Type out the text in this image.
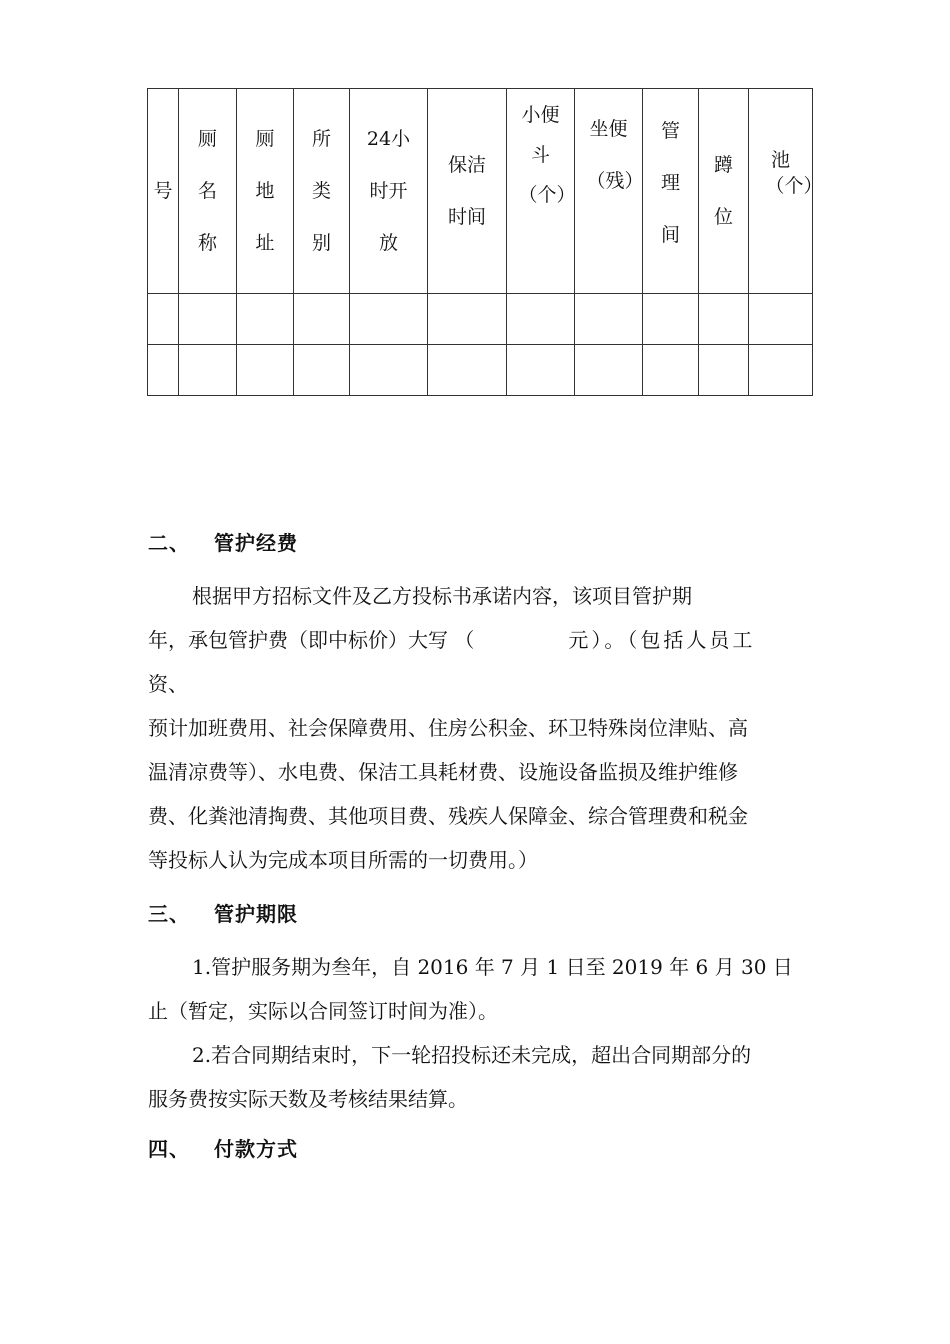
号	厕名称	厕地址	所类别	24小时开放	保洁时间	小便斗（个）	坐便（残）	管理间	蹲位	池（个）

二、 管护经费
根据甲方招标文件及乙方投标书承诺内容，该项目管护期
年，承包管护费（即中标价）大写 （	元）。（包括人员工
资、
预计加班费用、社会保障费用、住房公积金、环卫特殊岗位津贴、高
温清凉费等）、水电费、保洁工具耗材费、设施设备监损及维护维修
费、化粪池清掏费、其他项目费、残疾人保障金、综合管理费和税金
等投标人认为完成本项目所需的一切费用。）
三、 管护期限
1.管护服务期为叁年，自 2016 年 7 月 1 日至 2019 年 6 月 30 日
止（暂定，实际以合同签订时间为准）。
2.若合同期结束时，下一轮招投标还未完成，超出合同期部分的
服务费按实际天数及考核结果结算。
四、 付款方式
